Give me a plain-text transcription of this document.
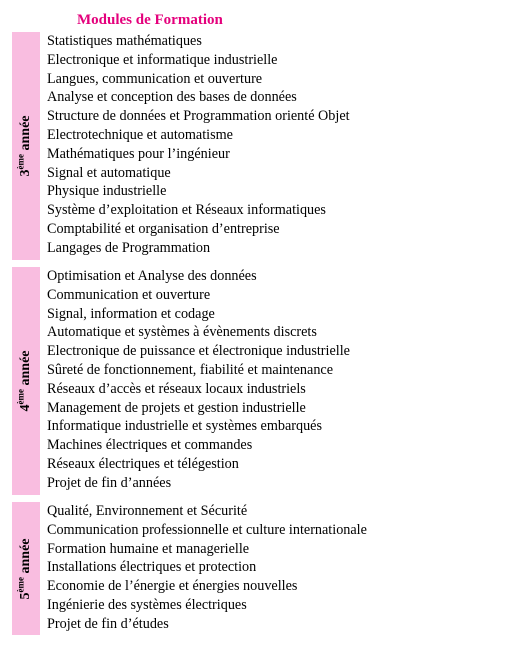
Modules de Formation
3ème année
Statistiques mathématiques
Electronique et informatique industrielle
Langues, communication et ouverture
Analyse et conception des bases de données
Structure de données et Programmation orienté Objet
Electrotechnique et automatisme
Mathématiques pour l’ingénieur
Signal et automatique
Physique industrielle
Système d’exploitation et Réseaux informatiques
Comptabilité et organisation d’entreprise
Langages de Programmation
4ème année
Optimisation et Analyse des données
Communication et ouverture
Signal, information et codage
Automatique et systèmes à évènements discrets
Electronique de puissance et électronique industrielle
Sûreté de fonctionnement, fiabilité et maintenance
Réseaux d’accès et réseaux locaux industriels
Management de projets et gestion industrielle
Informatique industrielle et systèmes embarqués
Machines électriques et commandes
Réseaux électriques et télégestion
Projet de fin d’années
5ème année
Qualité, Environnement et Sécurité
Communication professionnelle et culture internationale
Formation humaine et managerielle
Installations électriques et protection
Economie de l’énergie et énergies nouvelles
Ingénierie des systèmes électriques
Projet de fin d’études
